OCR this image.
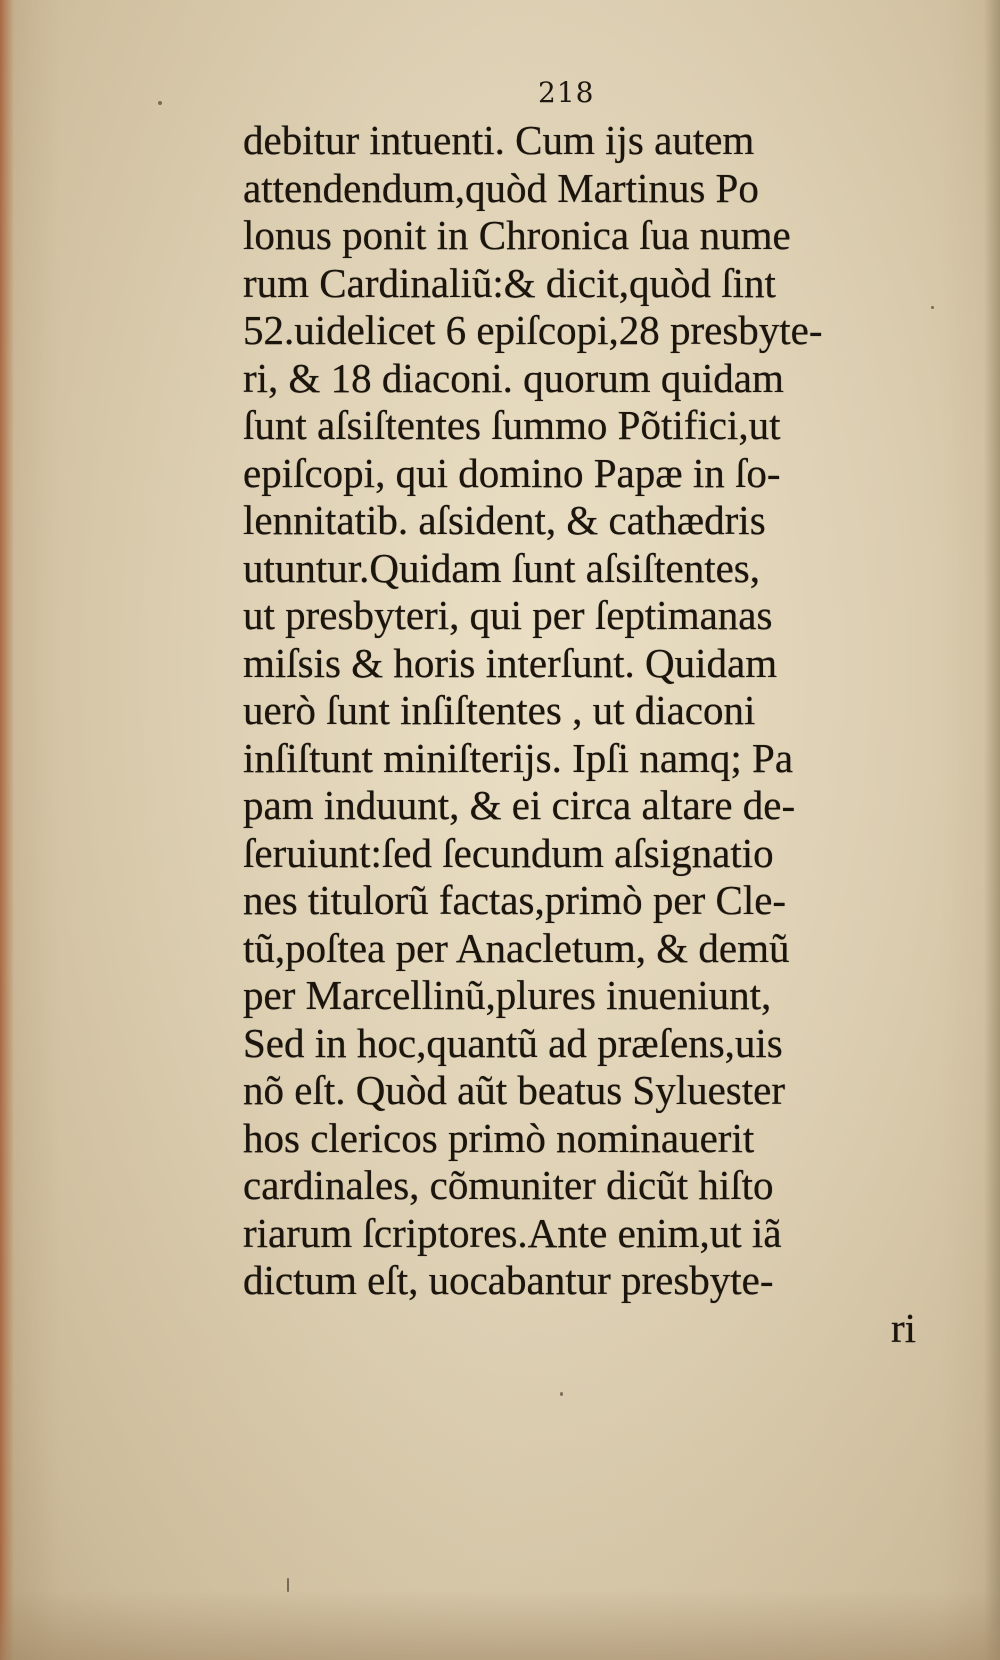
218
debitur intuenti. Cum ijs autem
attendendum,quòd Martinus Po
lonus ponit in Chronica ſua nume
rum Cardinaliũ:& dicit,quòd ſint
52.uidelicet 6 epiſcopi,28 presbyte-
ri, & 18 diaconi. quorum quidam
ſunt aſsiſtentes ſummo Põtifici,ut
epiſcopi, qui domino Papæ in ſo-
lennitatib. aſsident, & cathædris
utuntur.Quidam ſunt aſsiſtentes,
ut presbyteri, qui per ſeptimanas
miſsis & horis interſunt. Quidam
uerò ſunt inſiſtentes , ut diaconi
inſiſtunt miniſterijs. Ipſi namq; Pa
pam induunt, & ei circa altare de-
ſeruiunt:ſed ſecundum aſsignatio
nes titulorũ factas,primò per Cle-
tũ,poſtea per Anacletum, & demũ
per Marcellinũ,plures inueniunt,
Sed in hoc,quantũ ad præſens,uis
nõ eſt. Quòd aũt beatus Syluester
hos clericos primò nominauerit
cardinales, cõmuniter dicũt hiſto
riarum ſcriptores.Ante enim,ut iã
dictum eſt, uocabantur presbyte-
ri
